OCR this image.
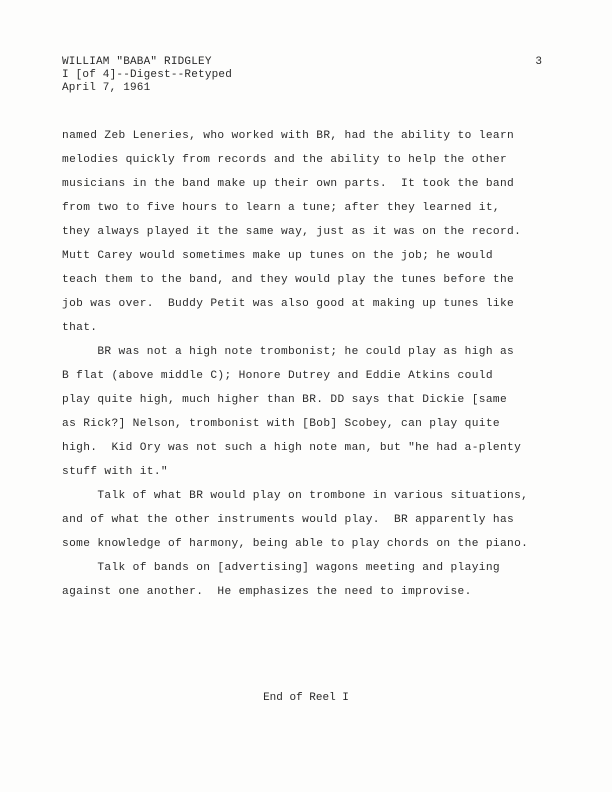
WILLIAM "BABA" RIDGLEY
I [of 4]--Digest--Retyped
April 7, 1961
3
named Zeb Leneries, who worked with BR, had the ability to learn
melodies quickly from records and the ability to help the other
musicians in the band make up their own parts.  It took the band
from two to five hours to learn a tune; after they learned it,
they always played it the same way, just as it was on the record.
Mutt Carey would sometimes make up tunes on the job; he would
teach them to the band, and they would play the tunes before the
job was over.  Buddy Petit was also good at making up tunes like
that.
BR was not a high note trombonist; he could play as high as
B flat (above middle C); Honore Dutrey and Eddie Atkins could
play quite high, much higher than BR. DD says that Dickie [same
as Rick?] Nelson, trombonist with [Bob] Scobey, can play quite
high.  Kid Ory was not such a high note man, but "he had a-plenty
stuff with it."
Talk of what BR would play on trombone in various situations,
and of what the other instruments would play.  BR apparently has
some knowledge of harmony, being able to play chords on the piano.
Talk of bands on [advertising] wagons meeting and playing
against one another.  He emphasizes the need to improvise.
End of Reel I
